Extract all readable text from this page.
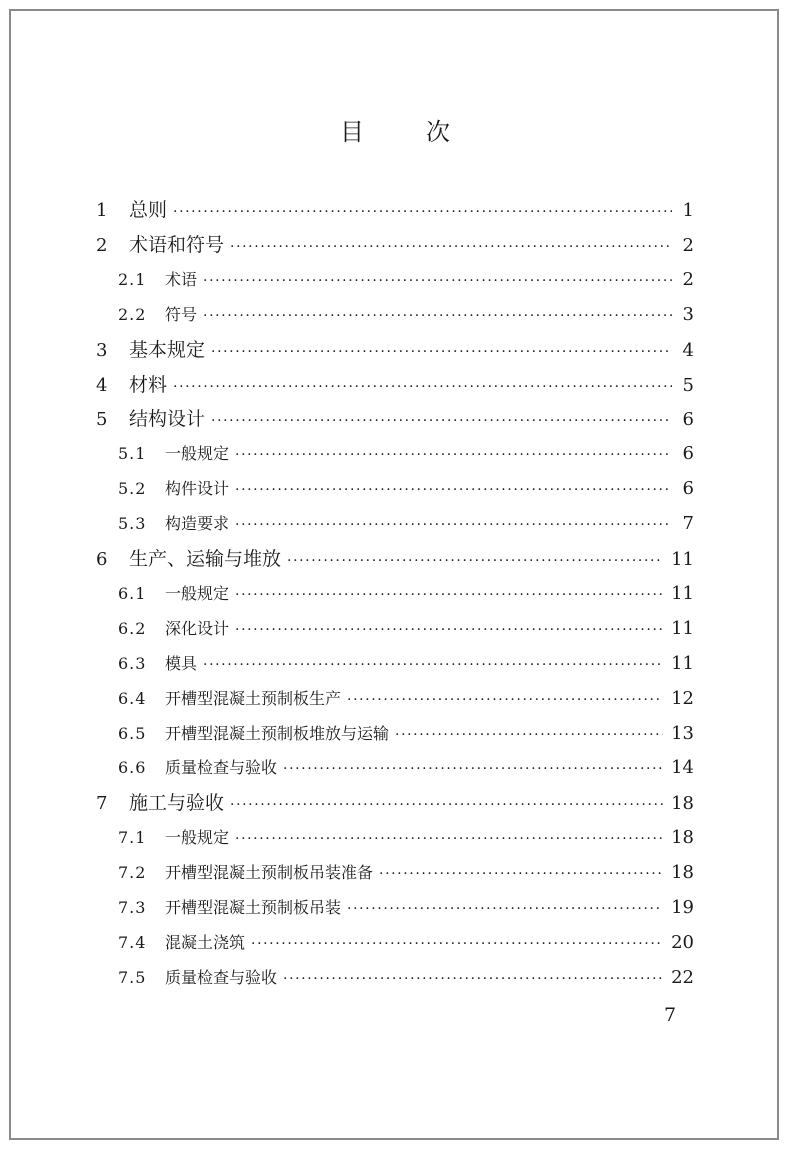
目	次
1	总则 ·····	1
2	术语和符号 ·····	2
2.1	术语 ·····	2
2.2	符号 ·····	3
3	基本规定 ·····	4
4	材料 ·····	5
5	结构设计 ·····	6
5.1	一般规定 ·····	6
5.2	构件设计 ·····	6
5.3	构造要求 ·····	7
6	生产、运输与堆放 ·····	11
6.1	一般规定 ·····	11
6.2	深化设计 ·····	11
6.3	模具 ·····	11
6.4	开槽型混凝土预制板生产 ·····	12
6.5	开槽型混凝土预制板堆放与运输 ·····	13
6.6	质量检查与验收 ·····	14
7	施工与验收 ·····	18
7.1	一般规定 ·····	18
7.2	开槽型混凝土预制板吊装准备 ·····	18
7.3	开槽型混凝土预制板吊装 ·····	19
7.4	混凝土浇筑 ·····	20
7.5	质量检查与验收 ·····	22
7
